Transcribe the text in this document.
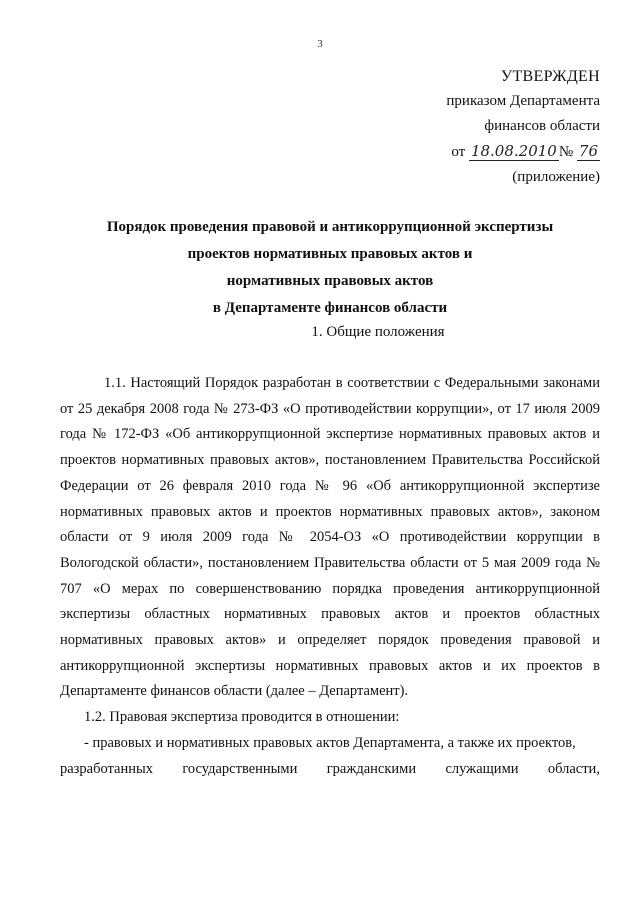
3
УТВЕРЖДЕН
приказом Департамента
финансов области
от 18.08.2010 № 76
(приложение)
Порядок проведения правовой и антикоррупционной экспертизы
проектов нормативных правовых актов и
нормативных правовых актов
в Департаменте финансов области
1. Общие положения

1.1. Настоящий Порядок разработан в соответствии с Федеральными законами от 25 декабря 2008 года № 273-ФЗ «О противодействии коррупции», от 17 июля 2009 года № 172-ФЗ «Об антикоррупционной экспертизе нормативных правовых актов и проектов нормативных правовых актов», постановлением Правительства Российской Федерации от 26 февраля 2010 года № 96 «Об антикоррупционной экспертизе нормативных правовых актов и проектов нормативных правовых актов», законом области от 9 июля 2009 года № 2054-ОЗ «О противодействии коррупции в Вологодской области», постановлением Правительства области от 5 мая 2009 года № 707 «О мерах по совершенствованию порядка проведения антикоррупционной экспертизы областных нормативных правовых актов и проектов областных нормативных правовых актов» и определяет порядок проведения правовой и антикоррупционной экспертизы нормативных правовых актов и их проектов в Департаменте финансов области (далее – Департамент).

1.2. Правовая экспертиза проводится в отношении:

- правовых и нормативных правовых актов Департамента, а также их проектов,

разработанных государственными гражданскими служащими области,
